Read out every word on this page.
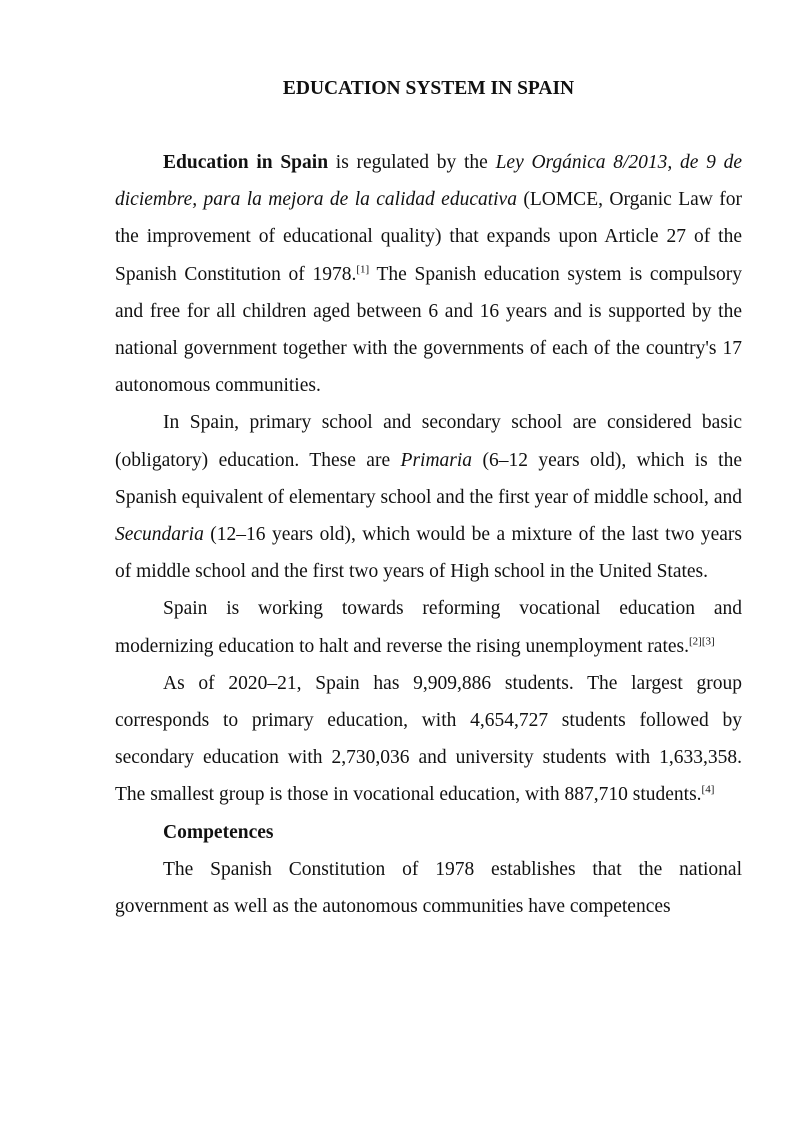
EDUCATION SYSTEM IN SPAIN

Education in Spain is regulated by the Ley Orgánica 8/2013, de 9 de diciembre, para la mejora de la calidad educativa (LOMCE, Organic Law for the improvement of educational quality) that expands upon Article 27 of the Spanish Constitution of 1978.[1] The Spanish education system is compulsory and free for all children aged between 6 and 16 years and is supported by the national government together with the governments of each of the country's 17 autonomous communities.

In Spain, primary school and secondary school are considered basic (obligatory) education. These are Primaria (6–12 years old), which is the Spanish equivalent of elementary school and the first year of middle school, and Secundaria (12–16 years old), which would be a mixture of the last two years of middle school and the first two years of High school in the United States.

Spain is working towards reforming vocational education and modernizing education to halt and reverse the rising unemployment rates.[2][3]

As of 2020–21, Spain has 9,909,886 students. The largest group corresponds to primary education, with 4,654,727 students followed by secondary education with 2,730,036 and university students with 1,633,358. The smallest group is those in vocational education, with 887,710 students.[4]

Competences

The Spanish Constitution of 1978 establishes that the national government as well as the autonomous communities have competences
